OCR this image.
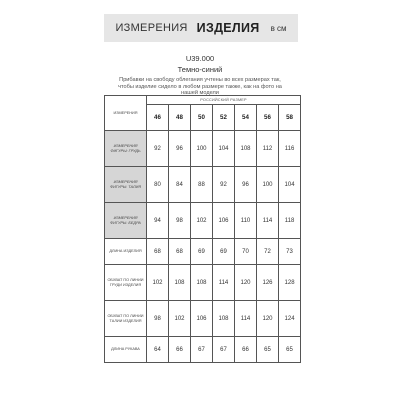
ИЗМЕРЕНИЯ ИЗДЕЛИЯ в см
U39.000
Темно-синий
Прибавки на свободу облегания учтены во всех размерах так, чтобы изделие сидело в любом размере также, как на фото на нашей модели
ИЗМЕРЕНИЯ	РОССИЙСКИЙ РАЗМЕР						
	46	48	50	52	54	56	58
ИЗМЕРЕНИЯ ФИГУРЫ: ГРУДЬ	92	96	100	104	108	112	116
ИЗМЕРЕНИЯ ФИГУРЫ: ТАЛИЯ	80	84	88	92	96	100	104
ИЗМЕРЕНИЯ ФИГУРЫ: БЕДРА	94	98	102	106	110	114	118
ДЛИНА ИЗДЕЛИЯ	68	68	69	69	70	72	73
ОБХВАТ ПО ЛИНИИ ГРУДИ ИЗДЕЛИЯ	102	108	108	114	120	126	128
ОБХВАТ ПО ЛИНИИ ТАЛИИ ИЗДЕЛИЯ	98	102	106	108	114	120	124
ДЛИНА РУКАВА	64	66	67	67	66	65	65
